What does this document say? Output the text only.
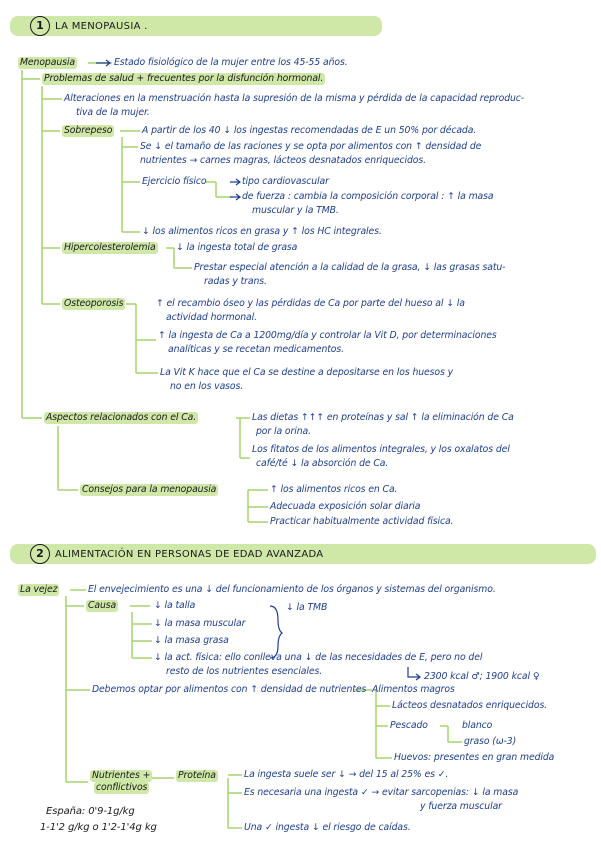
1	LA MENOPAUSIA .
Menopausia	Estado fisiológico de la mujer entre los 45-55 años.
Problemas de salud + frecuentes por la disfunción hormonal.
Alteraciones en la menstruación hasta la supresión de la misma y pérdida de la capacidad reproduc-
tiva de la mujer.
Sobrepeso	A partir de los 40 ↓ los ingestas recomendadas de E un 50% por década.
Se ↓ el tamaño de las raciones y se opta por alimentos con ↑ densidad de
nutrientes → carnes magras, lácteos desnatados enriquecidos.
Ejercicio físico	tipo cardiovascular
de fuerza : cambia la composición corporal : ↑ la masa
muscular y la TMB.
↓ los alimentos ricos en grasa y ↑ los HC integrales.
Hipercolesterolemia ↓ la ingesta total de grasa
Prestar especial atención a la calidad de la grasa, ↓ las grasas satu-
radas y trans.
Osteoporosis	↑ el recambio óseo y las pérdidas de Ca por parte del hueso al ↓ la
actividad hormonal.
↑ la ingesta de Ca a 1200mg/día y controlar la Vit D, por determinaciones
analíticas y se recetan medicamentos.
La Vit K hace que el Ca se destine a depositarse en los huesos y
no en los vasos.
Aspectos relacionados con el Ca.	Las dietas ↑↑↑ en proteínas y sal ↑ la eliminación de Ca
por la orina.
Los fitatos de los alimentos integrales, y los oxalatos del
café/té ↓ la absorción de Ca.
Consejos para la menopausia	↑ los alimentos ricos en Ca.
Adecuada exposición solar diaria
Practicar habitualmente actividad física.
2	ALIMENTACIÓN EN PERSONAS DE EDAD AVANZADA
La vejez	El envejecimiento es una ↓ del funcionamiento de los órganos y sistemas del organismo.
Causa	↓ la talla
↓ la masa muscular
↓ la masa grasa
↓ la TMB
↓ la act. física: ello conlleva una ↓ de las necesidades de E, pero no del
resto de los nutrientes esenciales.	2300 kcal ♂; 1900 kcal ♀
Debemos optar por alimentos con ↑ densidad de nutrientes Alimentos magros
Lácteos desnatados enriquecidos.
Pescado	blanco
graso (ω-3)
Huevos: presentes en gran medida
Nutrientes +
conflictivos
Proteína	La ingesta suele ser ↓ → del 15 al 25% es ✓.
Es necesaria una ingesta ✓ → evitar sarcopenias: ↓ la masa
y fuerza muscular
Una ✓ ingesta ↓ el riesgo de caídas.
España: 0'9-1g/kg
1-1'2 g/kg o 1'2-1'4g kg
